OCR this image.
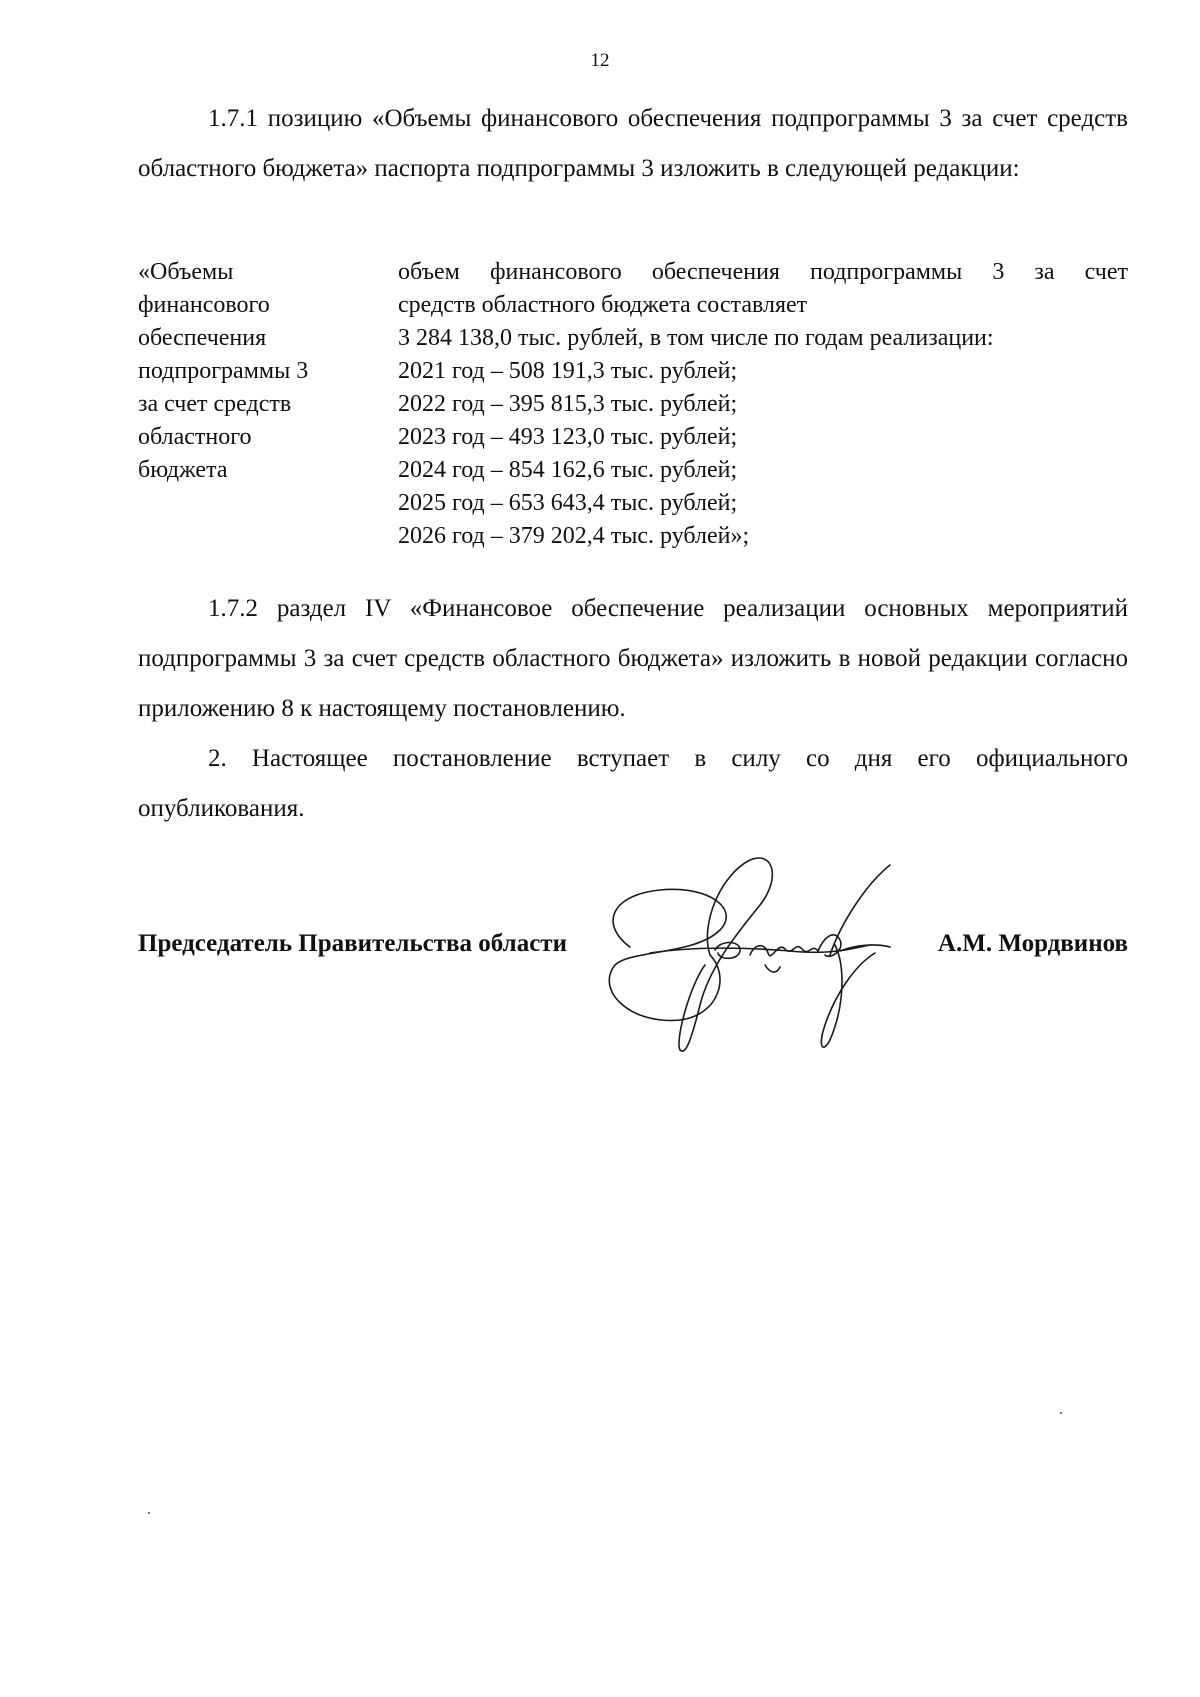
12

1.7.1 позицию «Объемы финансового обеспечения подпрограммы 3 за счет средств областного бюджета» паспорта подпрограммы 3 изложить в следующей редакции:

«Объемы
финансового
обеспечения
подпрограммы 3
за счет средств
областного
бюджета
объем финансового обеспечения подпрограммы 3 за счет
средств областного бюджета составляет
3 284 138,0 тыс. рублей, в том числе по годам реализации:
2021 год – 508 191,3 тыс. рублей;
2022 год – 395 815,3 тыс. рублей;
2023 год – 493 123,0 тыс. рублей;
2024 год – 854 162,6 тыс. рублей;
2025 год – 653 643,4 тыс. рублей;
2026 год – 379 202,4 тыс. рублей»;

1.7.2 раздел IV «Финансовое обеспечение реализации основных мероприятий подпрограммы 3 за счет средств областного бюджета» изложить в новой редакции согласно приложению 8 к настоящему постановлению.

2. Настоящее постановление вступает в силу со дня его официального опубликования.

Председатель Правительства области	А.М. Мордвинов
